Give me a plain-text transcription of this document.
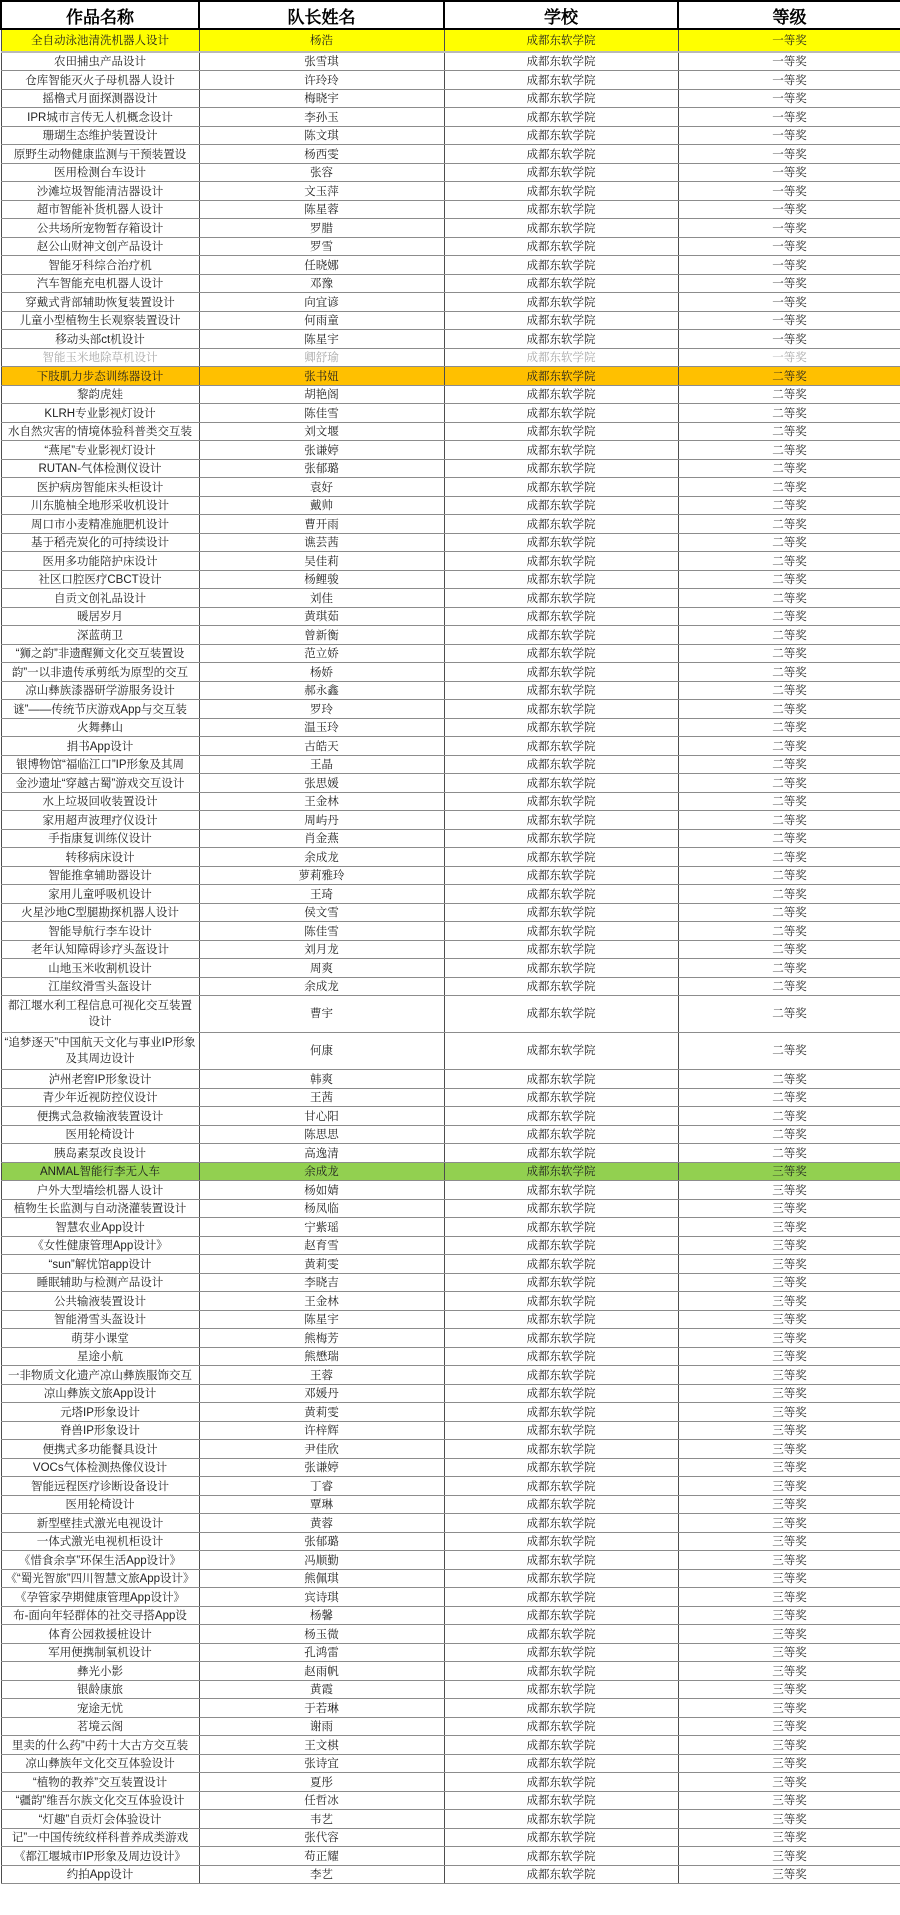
作品名称	队长姓名	学校	等级
全自动泳池清洗机器人设计	杨浩	成都东软学院	一等奖
农田捕虫产品设计	张雪琪	成都东软学院	一等奖
仓库智能灭火子母机器人设计	许玲玲	成都东软学院	一等奖
摇橹式月面探测器设计	梅晓宇	成都东软学院	一等奖
IPR城市言传无人机概念设计	李孙玉	成都东软学院	一等奖
珊瑚生态维护装置设计	陈文琪	成都东软学院	一等奖
原野生动物健康监测与干预装置设	杨西雯	成都东软学院	一等奖
医用检测台车设计	张容	成都东软学院	一等奖
沙滩垃圾智能清洁器设计	文玉萍	成都东软学院	一等奖
超市智能补货机器人设计	陈星蓉	成都东软学院	一等奖
公共场所宠物暂存箱设计	罗腊	成都东软学院	一等奖
赵公山财神文创产品设计	罗雪	成都东软学院	一等奖
智能牙科综合治疗机	任晓娜	成都东软学院	一等奖
汽车智能充电机器人设计	邓豫	成都东软学院	一等奖
穿戴式背部辅助恢复装置设计	向宜谚	成都东软学院	一等奖
儿童小型植物生长观察装置设计	何雨童	成都东软学院	一等奖
移动头部ct机设计	陈星宇	成都东软学院	一等奖
智能玉米地除草机设计	卿舒瑜	成都东软学院	一等奖
下肢肌力步态训练器设计	张书妞	成都东软学院	二等奖
黎韵虎娃	胡艳阁	成都东软学院	二等奖
KLRH专业影视灯设计	陈佳雪	成都东软学院	二等奖
水自然灾害的情境体验科普类交互装	刘文堰	成都东软学院	二等奖
“燕尾”专业影视灯设计	张谦婷	成都东软学院	二等奖
RUTAN-气体检测仪设计	张郁璐	成都东软学院	二等奖
医护病房智能床头柜设计	袁好	成都东软学院	二等奖
川东脆柚全地形采收机设计	戴帅	成都东软学院	二等奖
周口市小麦精准施肥机设计	曹开雨	成都东软学院	二等奖
基于稻壳炭化的可持续设计	谯芸茜	成都东软学院	二等奖
医用多功能陪护床设计	吴佳莉	成都东软学院	二等奖
社区口腔医疗CBCT设计	杨鲤骏	成都东软学院	二等奖
自贡文创礼品设计	刘佳	成都东软学院	二等奖
暖居岁月	黄琪茹	成都东软学院	二等奖
深蓝萌卫	曾新衡	成都东软学院	二等奖
“狮之韵”非遗醒狮文化交互装置设	范立娇	成都东软学院	二等奖
韵”一以非遗传承剪纸为原型的交互	杨娇	成都东软学院	二等奖
凉山彝族漆器研学游服务设计	郝永鑫	成都东软学院	二等奖
谜”——传统节庆游戏App与交互装	罗玲	成都东软学院	二等奖
火舞彝山	温玉玲	成都东软学院	二等奖
捐书App设计	古皓天	成都东软学院	二等奖
银博物馆“福临江口”IP形象及其周	王晶	成都东软学院	二等奖
金沙遗址“穿越古蜀”游戏交互设计	张思媛	成都东软学院	二等奖
水上垃圾回收装置设计	王金林	成都东软学院	二等奖
家用超声波理疗仪设计	周屿丹	成都东软学院	二等奖
手指康复训练仪设计	肖金燕	成都东软学院	二等奖
转移病床设计	余成龙	成都东软学院	二等奖
智能推拿辅助器设计	萝莉雅玲	成都东软学院	二等奖
家用儿童呼吸机设计	王琦	成都东软学院	二等奖
火星沙地C型腿勘探机器人设计	侯文雪	成都东软学院	二等奖
智能导航行李车设计	陈佳雪	成都东软学院	二等奖
老年认知障碍诊疗头盔设计	刘月龙	成都东软学院	二等奖
山地玉米收割机设计	周爽	成都东软学院	二等奖
江崖纹滑雪头盔设计	余成龙	成都东软学院	二等奖
都江堰水利工程信息可视化交互装置设计	曹宇	成都东软学院	二等奖
“追梦逐天”中国航天文化与事业IP形象及其周边设计	何康	成都东软学院	二等奖
泸州老窖IP形象设计	韩爽	成都东软学院	二等奖
青少年近视防控仪设计	王茜	成都东软学院	二等奖
便携式急救输液装置设计	甘心阳	成都东软学院	二等奖
医用轮椅设计	陈思思	成都东软学院	二等奖
胰岛素泵改良设计	高逸清	成都东软学院	二等奖
ANMAL智能行李无人车	余成龙	成都东软学院	三等奖
户外大型墙绘机器人设计	杨如婧	成都东软学院	三等奖
植物生长监测与自动浇灌装置设计	杨凤临	成都东软学院	三等奖
智慧农业App设计	宁紫瑶	成都东软学院	三等奖
《女性健康管理App设计》	赵育雪	成都东软学院	三等奖
“sun”解忧馆app设计	黄莉雯	成都东软学院	三等奖
睡眠辅助与检测产品设计	李晓吉	成都东软学院	三等奖
公共输液装置设计	王金林	成都东软学院	三等奖
智能滑雪头盔设计	陈星宇	成都东软学院	三等奖
萌芽小课堂	熊梅芳	成都东软学院	三等奖
星途小航	熊懋瑞	成都东软学院	三等奖
一非物质文化遗产凉山彝族服饰交互	王蓉	成都东软学院	三等奖
凉山彝族文旅App设计	邓媛丹	成都东软学院	三等奖
元塔IP形象设计	黄莉雯	成都东软学院	三等奖
脊兽IP形象设计	许梓辉	成都东软学院	三等奖
便携式多功能餐具设计	尹佳欣	成都东软学院	三等奖
VOCs气体检测热像仪设计	张谦婷	成都东软学院	三等奖
智能远程医疗诊断设备设计	丁睿	成都东软学院	三等奖
医用轮椅设计	覃琳	成都东软学院	三等奖
新型壁挂式激光电视设计	黄蓉	成都东软学院	三等奖
一体式激光电视机柜设计	张郁璐	成都东软学院	三等奖
《惜食余享”环保生活App设计》	冯顺勤	成都东软学院	三等奖
《“蜀光智旅”四川智慧文旅App设计》	熊佩琪	成都东软学院	三等奖
《孕管家孕期健康管理App设计》	宾诗琪	成都东软学院	三等奖
布-面向年轻群体的社交寻搭App设	杨馨	成都东软学院	三等奖
体育公园救援桩设计	杨玉微	成都东软学院	三等奖
军用便携制氧机设计	孔鸿雷	成都东软学院	三等奖
彝光小影	赵雨帆	成都东软学院	三等奖
银龄康旅	黄霞	成都东软学院	三等奖
宠途无忧	于若琳	成都东软学院	三等奖
茗境云阁	谢雨	成都东软学院	三等奖
里卖的什么药”中药十大古方交互装	王文棋	成都东软学院	三等奖
凉山彝族年文化交互体验设计	张诗宜	成都东软学院	三等奖
“植物的教养”交互装置设计	夏彤	成都东软学院	三等奖
“疆韵”维吾尔族文化交互体验设计	任哲冰	成都东软学院	三等奖
“灯趣”自贡灯会体验设计	韦艺	成都东软学院	三等奖
记”一中国传统纹样科普养成类游戏	张代容	成都东软学院	三等奖
《都江堰城市IP形象及周边设计》	苟正耀	成都东软学院	三等奖
约拍App设计	李艺	成都东软学院	三等奖
